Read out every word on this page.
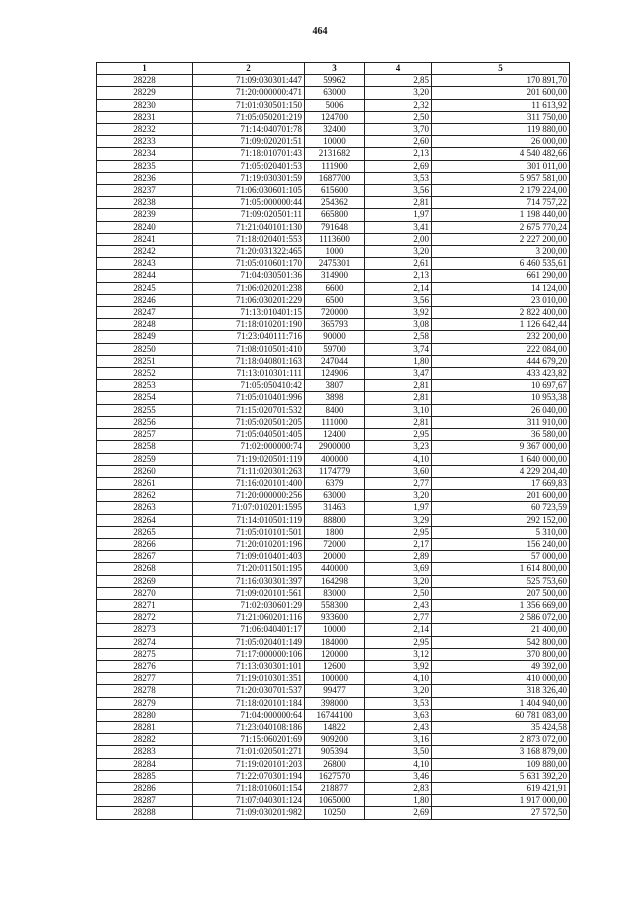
464
1	2	3	4	5
28228	71:09:030301:447	59962	2,85	170 891,70
28229	71:20:000000:471	63000	3,20	201 600,00
28230	71:01:030501:150	5006	2,32	11 613,92
28231	71:05:050201:219	124700	2,50	311 750,00
28232	71:14:040701:78	32400	3,70	119 880,00
28233	71:09:020201:51	10000	2,60	26 000,00
28234	71:18:010701:43	2131682	2,13	4 540 482,66
28235	71:05:020401:53	111900	2,69	301 011,00
28236	71:19:030301:59	1687700	3,53	5 957 581,00
28237	71:06:030601:105	615600	3,56	2 179 224,00
28238	71:05:000000:44	254362	2,81	714 757,22
28239	71:09:020501:11	665800	1,97	1 198 440,00
28240	71:21:040101:130	791648	3,41	2 675 770,24
28241	71:18:020401:553	1113600	2,00	2 227 200,00
28242	71:20:031322:465	1000	3,20	3 200,00
28243	71:05:010601:170	2475301	2,61	6 460 535,61
28244	71:04:030501:36	314900	2,13	661 290,00
28245	71:06:020201:238	6600	2,14	14 124,00
28246	71:06:030201:229	6500	3,56	23 010,00
28247	71:13:010401:15	720000	3,92	2 822 400,00
28248	71:18:010201:190	365793	3,08	1 126 642,44
28249	71:23:040111:716	90000	2,58	232 200,00
28250	71:08:010501:410	59700	3,74	222 084,00
28251	71:18:040801:163	247044	1,80	444 679,20
28252	71:13:010301:111	124906	3,47	433 423,82
28253	71:05:050410:42	3807	2,81	10 697,67
28254	71:05:010401:996	3898	2,81	10 953,38
28255	71:15:020701:532	8400	3,10	26 040,00
28256	71:05:020501:205	111000	2,81	311 910,00
28257	71:05:040501:405	12400	2,95	36 580,00
28258	71:02:000000:74	2900000	3,23	9 367 000,00
28259	71:19:020501:119	400000	4,10	1 640 000,00
28260	71:11:020301:263	1174779	3,60	4 229 204,40
28261	71:16:020101:400	6379	2,77	17 669,83
28262	71:20:000000:256	63000	3,20	201 600,00
28263	71:07:010201:1595	31463	1,97	60 723,59
28264	71:14:010501:119	88800	3,29	292 152,00
28265	71:05:010101:501	1800	2,95	5 310,00
28266	71:20:010201:196	72000	2,17	156 240,00
28267	71:09:010401:403	20000	2,89	57 000,00
28268	71:20:011501:195	440000	3,69	1 614 800,00
28269	71:16:030301:397	164298	3,20	525 753,60
28270	71:09:020101:561	83000	2,50	207 500,00
28271	71:02:030601:29	558300	2,43	1 356 669,00
28272	71:21:060201:116	933600	2,77	2 586 072,00
28273	71:06:040401:17	10000	2,14	21 400,00
28274	71:05:020401:149	184000	2,95	542 800,00
28275	71:17:000000:106	120000	3,12	370 800,00
28276	71:13:030301:101	12600	3,92	49 392,00
28277	71:19:010301:351	100000	4,10	410 000,00
28278	71:20:030701:537	99477	3,20	318 326,40
28279	71:18:020101:184	398000	3,53	1 404 940,00
28280	71:04:000000:64	16744100	3,63	60 781 083,00
28281	71:23:040108:186	14822	2,43	35 424,58
28282	71:15:060201:69	909200	3,16	2 873 072,00
28283	71:01:020501:271	905394	3,50	3 168 879,00
28284	71:19:020101:203	26800	4,10	109 880,00
28285	71:22:070301:194	1627570	3,46	5 631 392,20
28286	71:18:010601:154	218877	2,83	619 421,91
28287	71:07:040301:124	1065000	1,80	1 917 000,00
28288	71:09:030201:982	10250	2,69	27 572,50
